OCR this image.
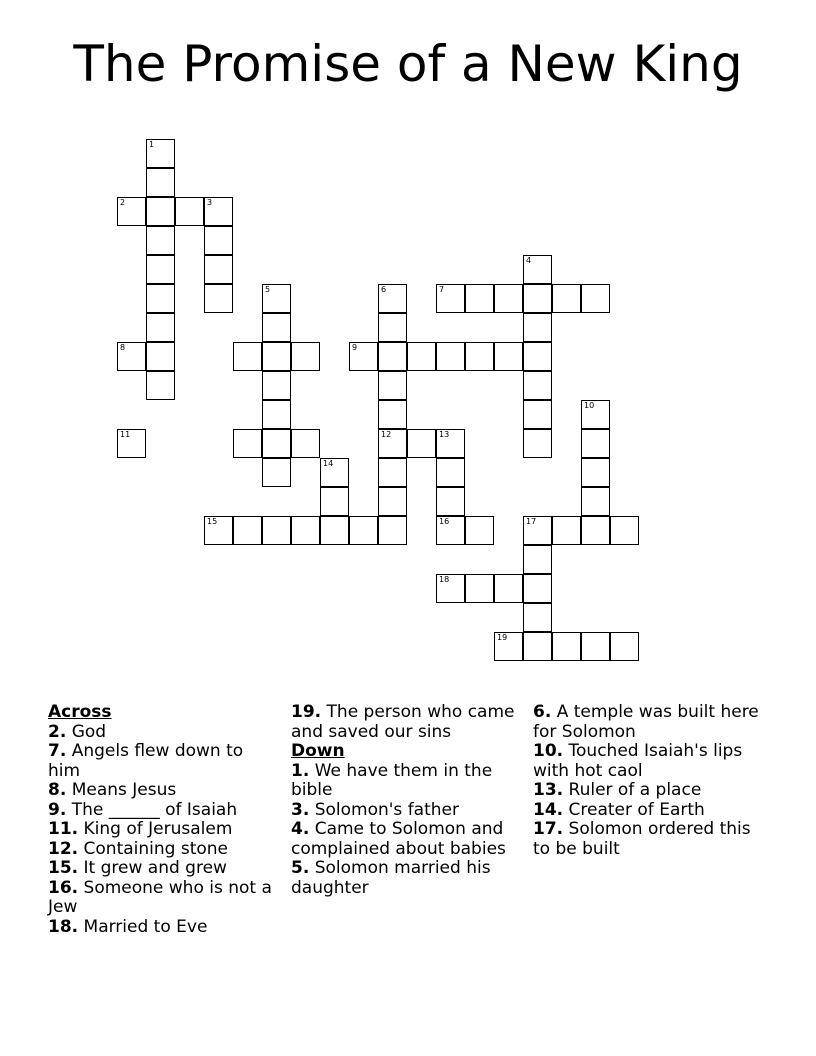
The Promise of a New King
1
2	3
5
8
11
6
12
7
4
9
10
13
16
14
15	17
18
19
Across
2. God
7. Angels flew down to him
8. Means Jesus
9. The ______ of Isaiah
11. King of Jerusalem
12. Containing stone
15. It grew and grew
16. Someone who is not a Jew
18. Married to Eve
19. The person who came and saved our sins
Down
1. We have them in the bible
3. Solomon's father
4. Came to Solomon and complained about babies
5. Solomon married his daughter
6. A temple was built here for Solomon
10. Touched Isaiah's lips with hot caol
13. Ruler of a place
14. Creater of Earth
17. Solomon ordered this to be built
